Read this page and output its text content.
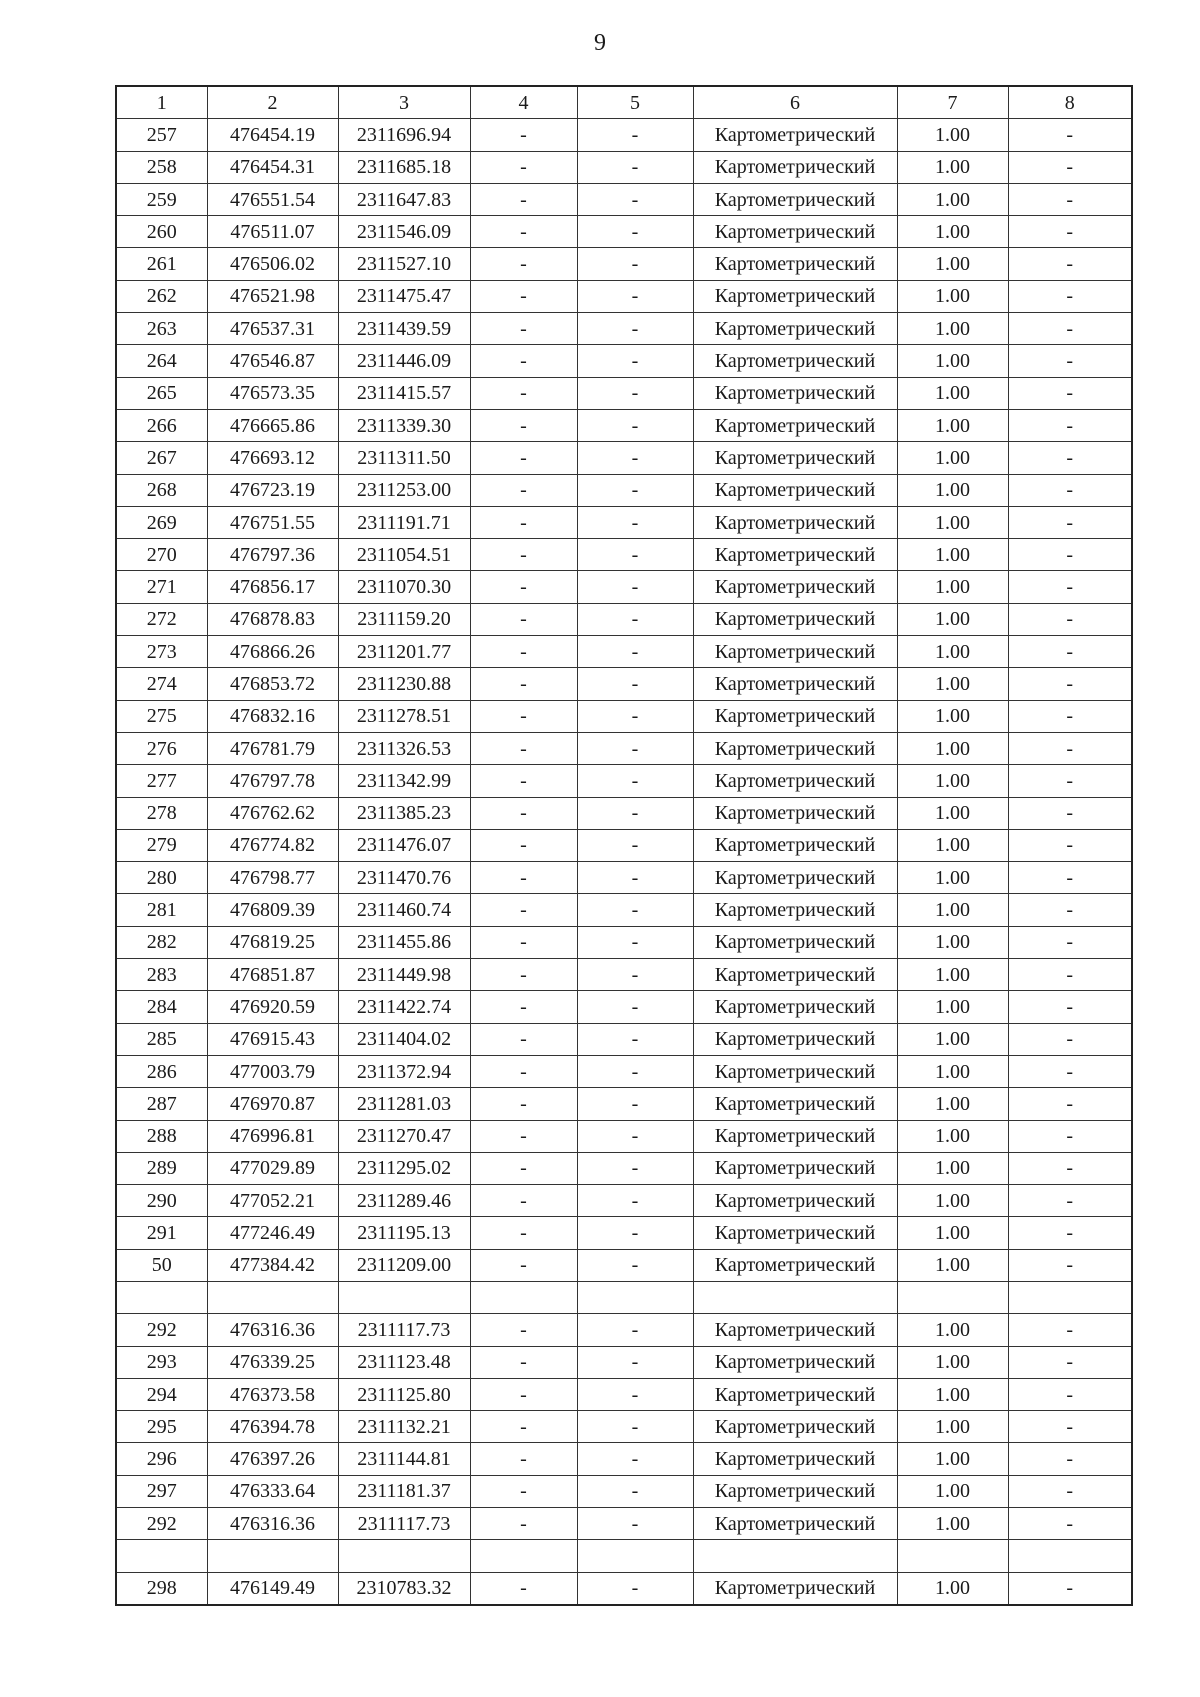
9
1	2	3	4	5	6	7	8
257	476454.19	2311696.94	-	-	Картометрический	1.00	-
258	476454.31	2311685.18	-	-	Картометрический	1.00	-
259	476551.54	2311647.83	-	-	Картометрический	1.00	-
260	476511.07	2311546.09	-	-	Картометрический	1.00	-
261	476506.02	2311527.10	-	-	Картометрический	1.00	-
262	476521.98	2311475.47	-	-	Картометрический	1.00	-
263	476537.31	2311439.59	-	-	Картометрический	1.00	-
264	476546.87	2311446.09	-	-	Картометрический	1.00	-
265	476573.35	2311415.57	-	-	Картометрический	1.00	-
266	476665.86	2311339.30	-	-	Картометрический	1.00	-
267	476693.12	2311311.50	-	-	Картометрический	1.00	-
268	476723.19	2311253.00	-	-	Картометрический	1.00	-
269	476751.55	2311191.71	-	-	Картометрический	1.00	-
270	476797.36	2311054.51	-	-	Картометрический	1.00	-
271	476856.17	2311070.30	-	-	Картометрический	1.00	-
272	476878.83	2311159.20	-	-	Картометрический	1.00	-
273	476866.26	2311201.77	-	-	Картометрический	1.00	-
274	476853.72	2311230.88	-	-	Картометрический	1.00	-
275	476832.16	2311278.51	-	-	Картометрический	1.00	-
276	476781.79	2311326.53	-	-	Картометрический	1.00	-
277	476797.78	2311342.99	-	-	Картометрический	1.00	-
278	476762.62	2311385.23	-	-	Картометрический	1.00	-
279	476774.82	2311476.07	-	-	Картометрический	1.00	-
280	476798.77	2311470.76	-	-	Картометрический	1.00	-
281	476809.39	2311460.74	-	-	Картометрический	1.00	-
282	476819.25	2311455.86	-	-	Картометрический	1.00	-
283	476851.87	2311449.98	-	-	Картометрический	1.00	-
284	476920.59	2311422.74	-	-	Картометрический	1.00	-
285	476915.43	2311404.02	-	-	Картометрический	1.00	-
286	477003.79	2311372.94	-	-	Картометрический	1.00	-
287	476970.87	2311281.03	-	-	Картометрический	1.00	-
288	476996.81	2311270.47	-	-	Картометрический	1.00	-
289	477029.89	2311295.02	-	-	Картометрический	1.00	-
290	477052.21	2311289.46	-	-	Картометрический	1.00	-
291	477246.49	2311195.13	-	-	Картометрический	1.00	-
50	477384.42	2311209.00	-	-	Картометрический	1.00	-

292	476316.36	2311117.73	-	-	Картометрический	1.00	-
293	476339.25	2311123.48	-	-	Картометрический	1.00	-
294	476373.58	2311125.80	-	-	Картометрический	1.00	-
295	476394.78	2311132.21	-	-	Картометрический	1.00	-
296	476397.26	2311144.81	-	-	Картометрический	1.00	-
297	476333.64	2311181.37	-	-	Картометрический	1.00	-
292	476316.36	2311117.73	-	-	Картометрический	1.00	-

298	476149.49	2310783.32	-	-	Картометрический	1.00	-
